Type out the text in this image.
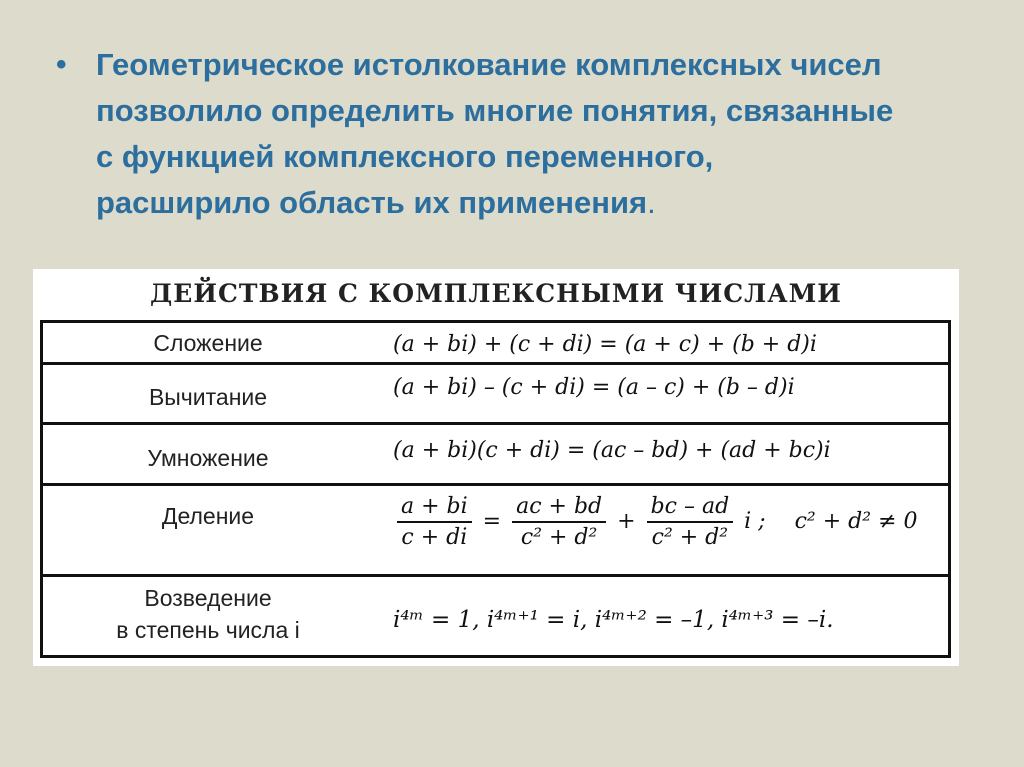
• Геометрическое истолкование комплексных чисел
позволило определить многие понятия, связанные
с функцией комплексного переменного,
расширило область их применения.
ДЕЙСТВИЯ С КОМПЛЕКСНЫМИ ЧИСЛАМИ
Сложение	(a + bi) + (c + di) = (a + c) + (b + d)i
Вычитание	(a + bi) – (c + di) = (a – c) + (b – d)i
Умножение	(a + bi)(c + di) = (ac – bd) + (ad + bc)i
Деление	$\frac{a + bi}{c + di} = \frac{ac + bd}{\text{c² + d²}} + \frac{bc - ad}{\text{c² + d²}}$ i ; c² + d² ≠ 0
Возведение
в степень числа i	i⁴ᵐ = 1, i⁴ᵐ⁺¹ = i, i⁴ᵐ⁺² = –1, i⁴ᵐ⁺³ = –i.
